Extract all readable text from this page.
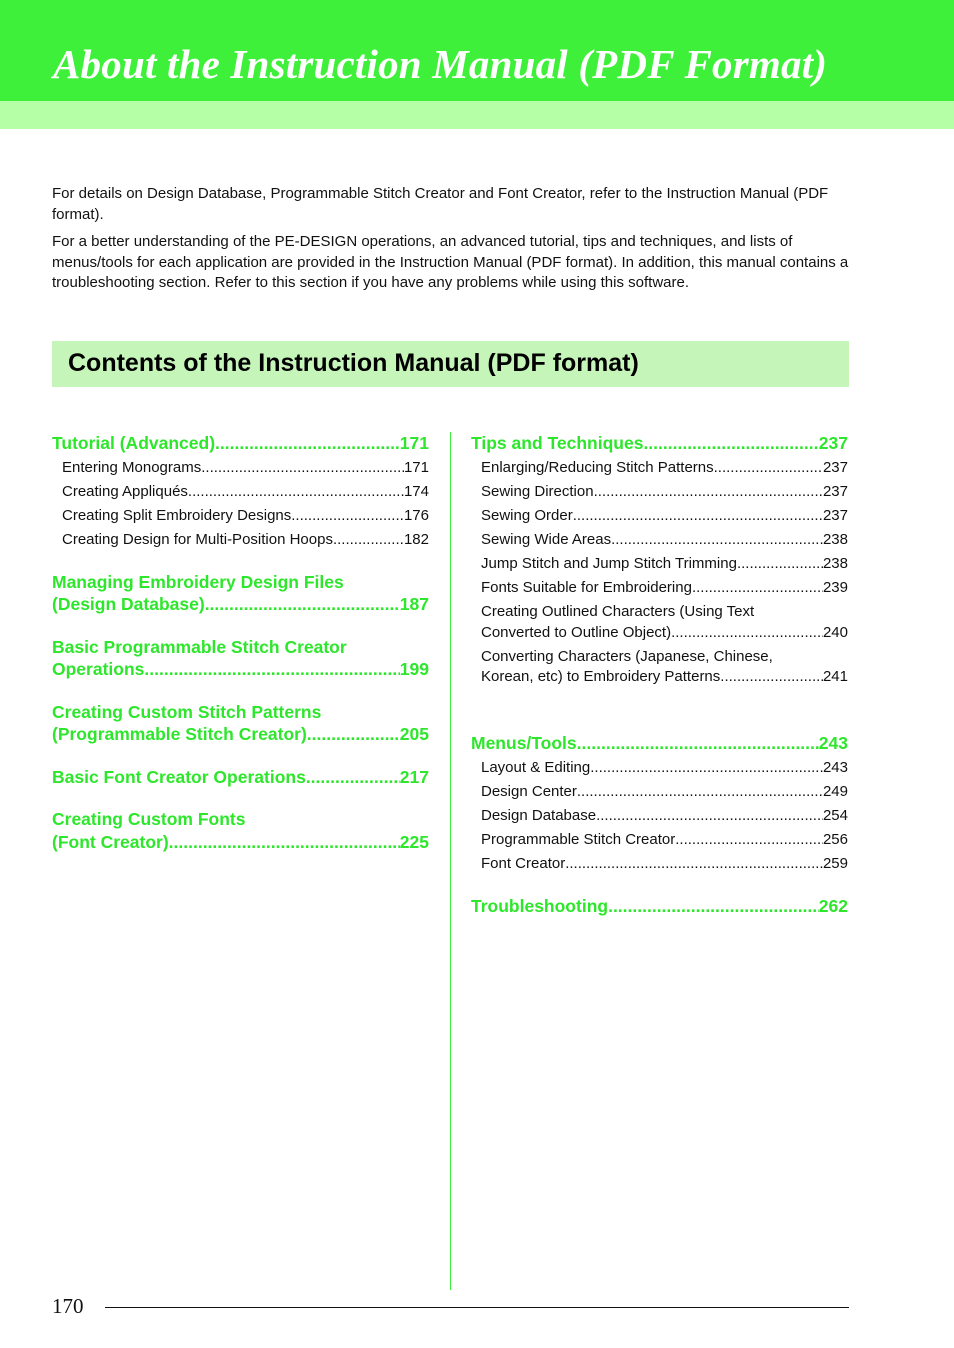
About the Instruction Manual (PDF Format)

For details on Design Database, Programmable Stitch Creator and Font Creator, refer to the Instruction Manual (PDF format).

For a better understanding of the PE-DESIGN operations, an advanced tutorial, tips and techniques, and lists of menus/tools for each application are provided in the Instruction Manual (PDF format). In addition, this manual contains a troubleshooting section. Refer to this section if you have any problems while using this software.

Contents of the Instruction Manual (PDF format)
Tutorial (Advanced) .....	171
Entering Monograms .....	171
Creating Appliqués .....	174
Creating Split Embroidery Designs .....	176
Creating Design for Multi-Position Hoops .....	182
Managing Embroidery Design Files
(Design Database) .....	187
Basic Programmable Stitch Creator
Operations .....	199
Creating Custom Stitch Patterns
(Programmable Stitch Creator) .....	205
Basic Font Creator Operations .....	217
Creating Custom Fonts
(Font Creator) .....	225
Tips and Techniques .....	237
Enlarging/Reducing Stitch Patterns .....	237
Sewing Direction .....	237
Sewing Order .....	237
Sewing Wide Areas .....	238
Jump Stitch and Jump Stitch Trimming .....	238
Fonts Suitable for Embroidering .....	239
Creating Outlined Characters (Using Text
Converted to Outline Object) .....	240
Converting Characters (Japanese, Chinese,
Korean, etc) to Embroidery Patterns .....	241
Menus/Tools .....	243
Layout & Editing .....	243
Design Center .....	249
Design Database .....	254
Programmable Stitch Creator .....	256
Font Creator .....	259
Troubleshooting .....	262
170
